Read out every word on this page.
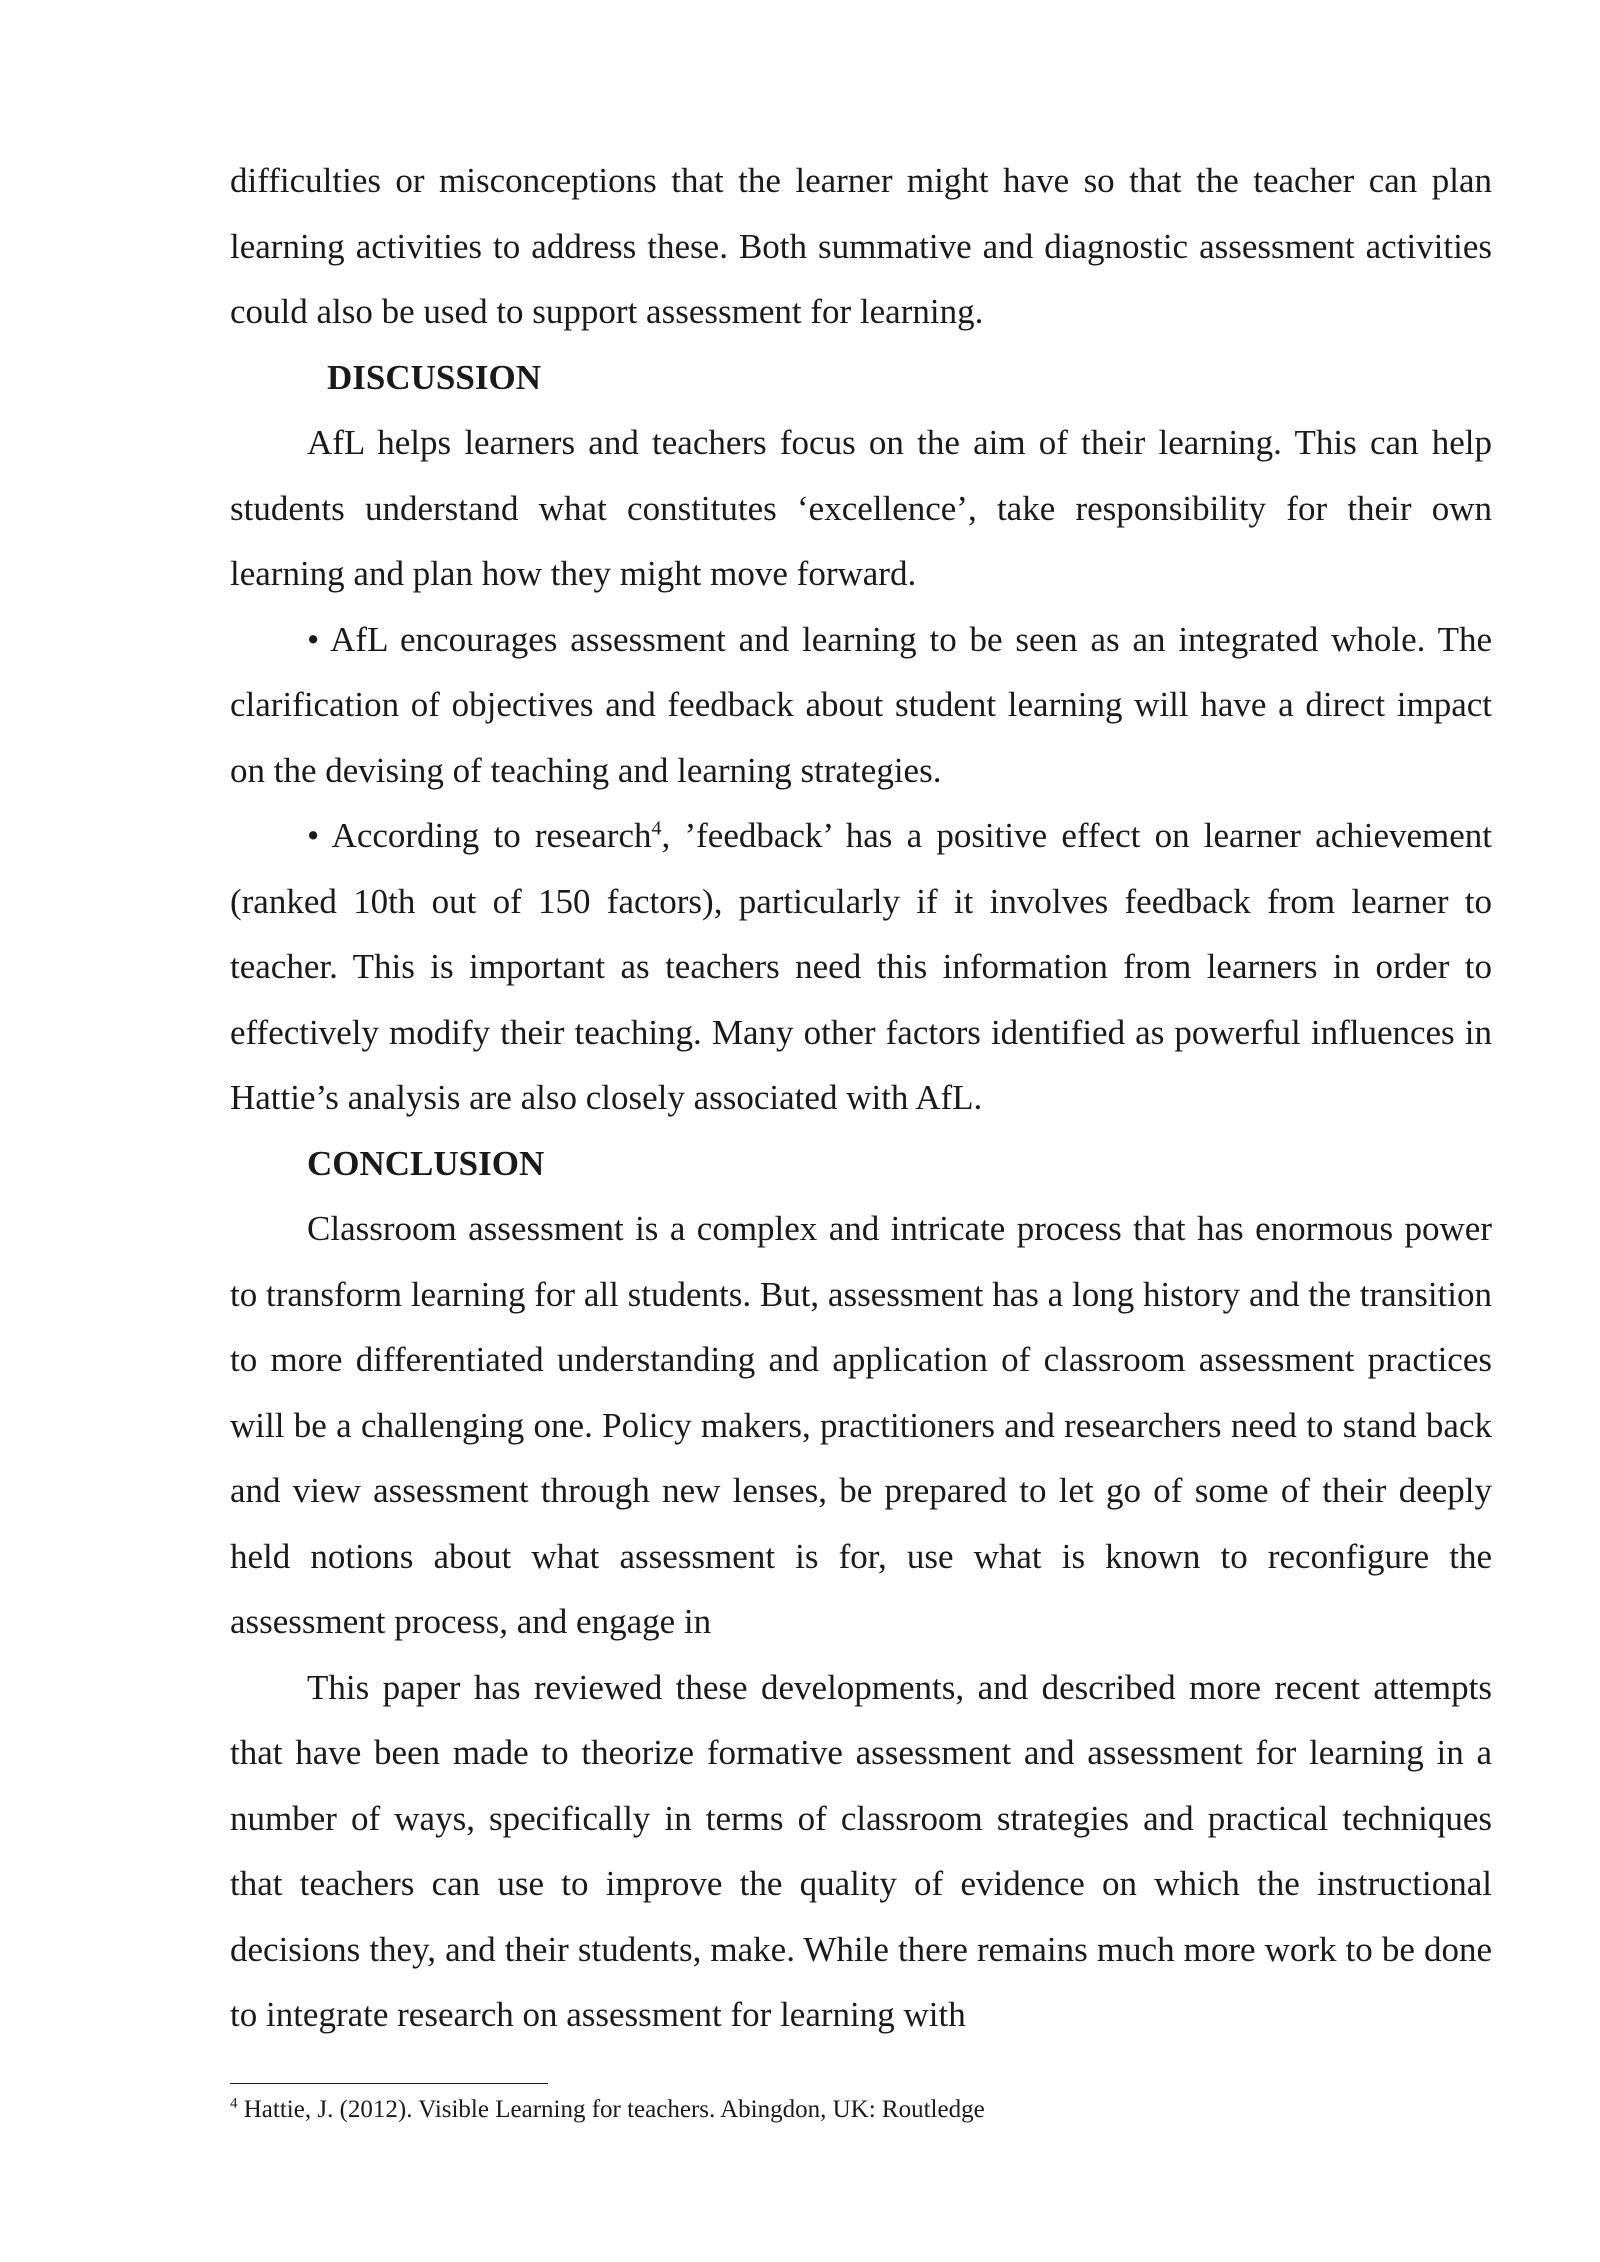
difficulties or misconceptions that the learner might have so that the teacher can plan learning activities to address these. Both summative and diagnostic assessment activities could also be used to support assessment for learning.

DISCUSSION

AfL helps learners and teachers focus on the aim of their learning. This can help students understand what constitutes ‘excellence’, take responsibility for their own learning and plan how they might move forward.

• AfL encourages assessment and learning to be seen as an integrated whole. The clarification of objectives and feedback about student learning will have a direct impact on the devising of teaching and learning strategies.

• According to research$^4$, ’feedback’ has a positive effect on learner achievement (ranked 10th out of 150 factors), particularly if it involves feedback from learner to teacher. This is important as teachers need this information from learners in order to effectively modify their teaching. Many other factors identified as powerful influences in Hattie’s analysis are also closely associated with AfL.

CONCLUSION

Classroom assessment is a complex and intricate process that has enormous power to transform learning for all students. But, assessment has a long history and the transition to more differentiated understanding and application of classroom assessment practices will be a challenging one. Policy makers, practitioners and researchers need to stand back and view assessment through new lenses, be prepared to let go of some of their deeply held notions about what assessment is for, use what is known to reconfigure the assessment process, and engage in

This paper has reviewed these developments, and described more recent attempts that have been made to theorize formative assessment and assessment for learning in a number of ways, specifically in terms of classroom strategies and practical techniques that teachers can use to improve the quality of evidence on which the instructional decisions they, and their students, make. While there remains much more work to be done to integrate research on assessment for learning with

$^4$ Hattie, J. (2012). Visible Learning for teachers. Abingdon, UK: Routledge
